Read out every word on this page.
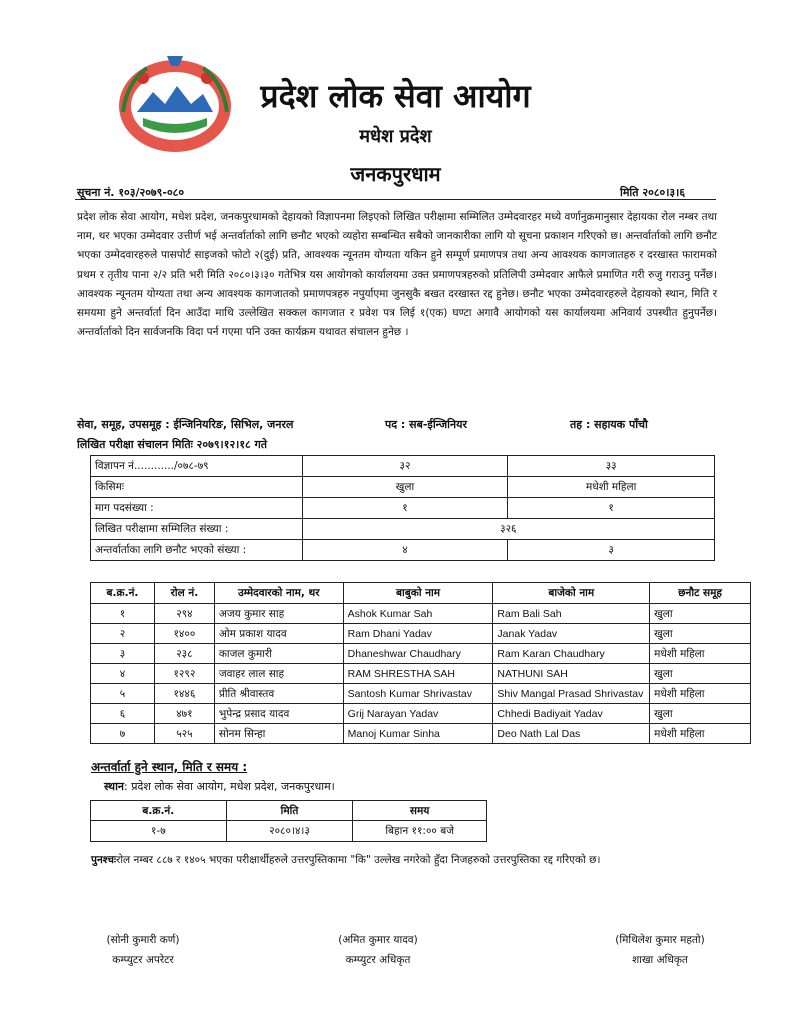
प्रदेश लोक सेवा आयोग
मधेश प्रदेश
जनकपुरधाम
सूचना नं. १०३/२०७९-०८०	मिति २०८०।३।६
प्रदेश लोक सेवा आयोग, मधेश प्रदेश, जनकपुरधामको देहायको विज्ञापनमा लिइएको लिखित परीक्षामा सम्मिलित उम्मेदवारहर मध्ये वर्णानुक्रमानुसार देहायका रोल नम्बर तथा नाम, थर भएका उम्मेदवार उत्तीर्ण भई अन्तर्वार्ताको लागि छनौट भएको व्यहोरा सम्बन्धित सबैको जानकारीका लागि यो सूचना प्रकाशन गरिएको छ। अन्तर्वार्ताको लागि छनौट भएका उम्मेदवारहरुले पासपोर्ट साइजको फोटो २(दुई) प्रति, आवश्यक न्यूनतम योग्यता यकिन हुने सम्पूर्ण प्रमाणपत्र तथा अन्य आवश्यक कागजातहरु र दरखास्त फारामको प्रथम र तृतीय पाना २/२ प्रति भरी मिति २०८०।३।३० गतेभित्र यस आयोगको कार्यालयमा उक्त प्रमाणपत्रहरुको प्रतिलिपी उम्मेदवार आफैले प्रमाणित गरी रुजु गराउनु पर्नेछ। आवश्यक न्यूनतम योग्यता तथा अन्य आवश्यक कागजातको प्रमाणपत्रहरु नपुर्याएमा जुनसुकै बखत दरखास्त रद्द हुनेछ। छनौट भएका उम्मेदवारहरुले देहायको स्थान, मिति र समयमा हुने अन्तर्वार्ता दिन आउँदा माथि उल्लेखित सक्कल कागजात र प्रवेश पत्र लिई १(एक) घण्टा अगावै आयोगको यस कार्यालयमा अनिवार्य उपस्थीत हुनुपर्नेछ। अन्तर्वार्ताको दिन सार्वजनकि विदा पर्न गएमा पनि उक्त कार्यक्रम यथावत संचालन हुनेछ ।
सेवा, समूह, उपसमूह : ईन्जिनियरिङ, सिभिल, जनरल	पद : सब-ईन्जिनियर	तह : सहायक पाँचौ
लिखित परीक्षा संचालन मितिः २०७९।१२।१८ गते
विज्ञापन नं............/०७८-७९	३२	३३
किसिमः	खुला	मधेशी महिला
माग पदसंख्या :	१	१
लिखित परीक्षामा सम्मिलित संख्या :	३२६	
अन्तर्वार्ताका लागि छनौट भएको संख्या :	४	३
ब.क्र.नं.	रोल नं.	उम्मेदवारको नाम, थर	बाबुको नाम	बाजेको नाम	छनौट समूह
१	२९४	अजय कुमार साह	Ashok Kumar Sah	Ram Bali Sah	खुला
२	१४००	ओम प्रकाश यादव	Ram Dhani Yadav	Janak Yadav	खुला
३	२३८	काजल कुमारी	Dhaneshwar Chaudhary	Ram Karan Chaudhary	मधेशी महिला
४	१२९२	जवाहर लाल साह	RAM SHRESTHA SAH	NATHUNI SAH	खुला
५	१४४६	प्रीति श्रीवास्तव	Santosh Kumar Shrivastav	Shiv Mangal Prasad Shrivastav	मधेशी महिला
६	४७१	भुपेन्द्र प्रसाद यादव	Grij Narayan Yadav	Chhedi Badiyait Yadav	खुला
७	५२५	सोनम सिन्हा	Manoj Kumar Sinha	Deo Nath Lal Das	मधेशी महिला
अन्तर्वार्ता हुने स्थान, मिति र समय :
स्थान: प्रदेश लोक सेवा आयोग, मधेश प्रदेश, जनकपुरधाम।
ब.क्र.नं.	मिति	समय
१-७	२०८०।४।३	बिहान ११:०० बजे
पुनश्चःरोल नम्बर ८८७ र १४०५ भएका परीक्षार्थीहरुले उत्तरपुस्तिकामा "कि" उल्लेख नगरेको हुँदा निजहरुको उत्तरपुस्तिका रद्द गरिएको छ।
(सोनी कुमारी कर्ण)
कम्प्युटर अपरेटर
(अमित कुमार यादव)
कम्प्युटर अधिकृत
(मिथिलेश कुमार महतो)
शाखा अधिकृत
